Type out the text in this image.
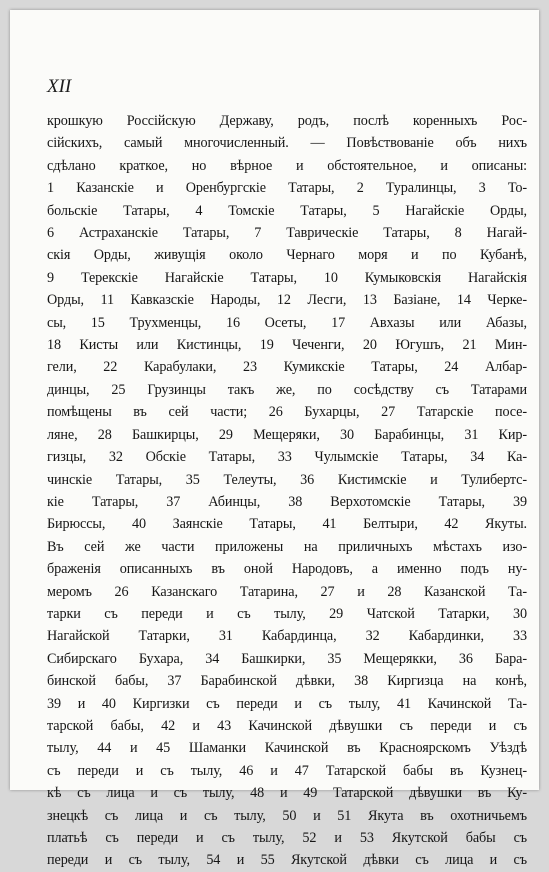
XII
крошкую Россійскую Державу, родъ, послѣ коренныхъ Рос-
сійскихъ, самый многочисленный. — Повѣствованіе объ нихъ
сдѣлано краткое, но вѣрное и обстоятельное, и описаны:
1 Казанскіе и Оренбургскіе Татары, 2 Туралинцы, 3 То-
больскіе Татары, 4 Томскіе Татары, 5 Нагайскіе Орды,
6 Астраханскіе Татары, 7 Таврическіе Татары, 8 Нагай-
скія Орды, живущія около Чернаго моря и по Кубанѣ,
9 Терекскіе Нагайскіе Татары, 10 Кумыковскія Нагайскія
Орды, 11 Кавказскіе Народы, 12 Лесги, 13 Базіане, 14 Черке-
сы, 15 Трухменцы, 16 Осеты, 17 Авхазы или Абазы,
18 Кисты или Кистинцы, 19 Чеченги, 20 Югушъ, 21 Мин-
гели, 22 Карабулаки, 23 Кумикскіе Татары, 24 Албар-
динцы, 25 Грузинцы такъ же, по сосѣдству съ Татарами
помѣщены въ сей части; 26 Бухарцы, 27 Татарскіе посе-
ляне, 28 Башкирцы, 29 Мещеряки, 30 Барабинцы, 31 Кир-
гизцы, 32 Обскіе Татары, 33 Чулымскіе Татары, 34 Ка-
чинскіе Татары, 35 Телеуты, 36 Кистимскіе и Тулибертс-
кіе Татары, 37 Абинцы, 38 Верхотомскіе Татары, 39
Бирюссы, 40 Заянскіе Татары, 41 Белтыри, 42 Якуты.
Въ сей же части приложены на приличныхъ мѣстахъ изо-
браженія описанныхъ въ оной Народовъ, а именно подъ ну-
меромъ 26 Казанскаго Татарина, 27 и 28 Казанской Та-
тарки съ переди и съ тылу, 29 Чатской Татарки, 30
Нагайской Татарки, 31 Кабардинца, 32 Кабардинки, 33
Сибирскаго Бухара, 34 Башкирки, 35 Мещерякки, 36 Бара-
бинской бабы, 37 Барабинской дѣвки, 38 Киргизца на конѣ,
39 и 40 Киргизки съ переди и съ тылу, 41 Качинской Та-
тарской бабы, 42 и 43 Качинской дѣвушки съ переди и съ
тылу, 44 и 45 Шаманки Качинской въ Красноярскомъ Уѣздѣ
съ переди и съ тылу, 46 и 47 Татарской бабы въ Кузнец-
кѣ съ лица и съ тылу, 48 и 49 Татарской дѣвушки въ Ку-
знецкѣ съ лица и съ тылу, 50 и 51 Якута въ охотничьемъ
платьѣ съ переди и съ тылу, 52 и 53 Якутской бабы съ
переди и съ тылу, 54 и 55 Якутской дѣвки съ лица и съ
